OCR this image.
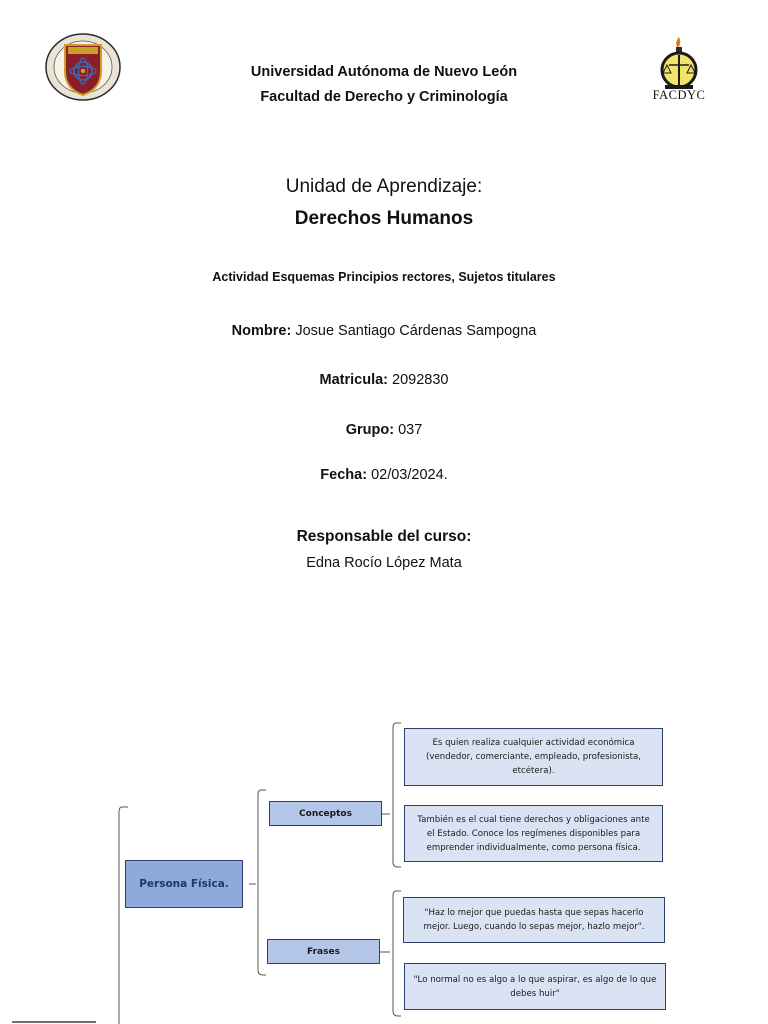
FACDYC
Universidad Autónoma de Nuevo León
Facultad de Derecho y Criminología
Unidad de Aprendizaje:
Derechos Humanos
Actividad Esquemas Principios rectores, Sujetos titulares
Nombre: Josue Santiago Cárdenas Sampogna
Matricula: 2092830
Grupo: 037
Fecha: 02/03/2024.
Responsable del curso:
Edna Rocío López Mata
Persona Física.
Conceptos
Frases
Es quien realiza cualquier actividad económica (vendedor, comerciante, empleado, profesionista, etcétera).
También es el cual tiene derechos y obligaciones ante el Estado. Conoce los regímenes disponibles para emprender individualmente, como persona física.
"Haz lo mejor que puedas hasta que sepas hacerlo mejor. Luego, cuando lo sepas mejor, hazlo mejor".
"Lo normal no es algo a lo que aspirar, es algo de lo que debes huir"
